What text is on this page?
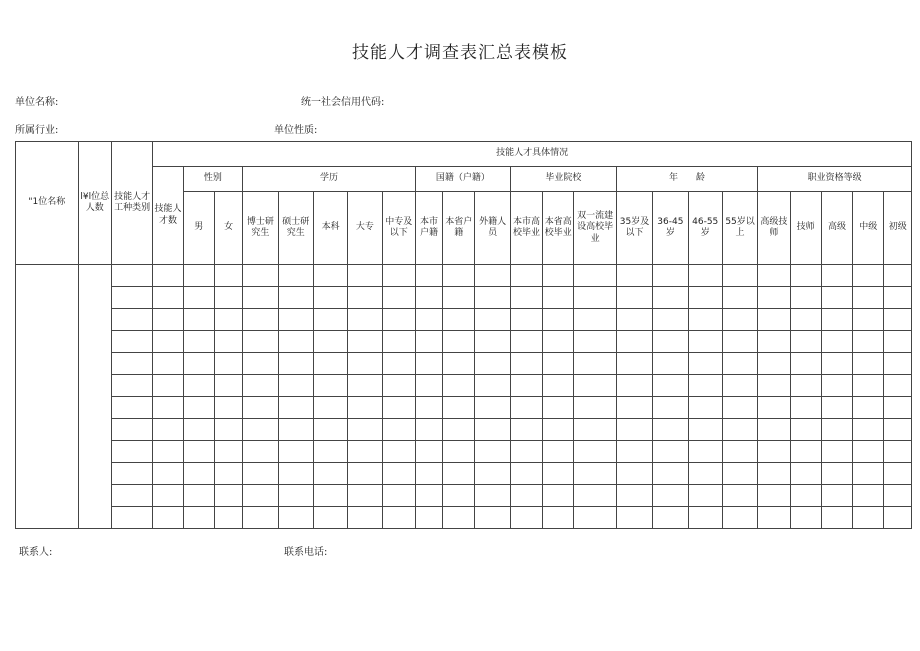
技能人才调查表汇总表模板
单位名称:	统一社会信用代码:
所属行业:	单位性质:
"1位名称	l¥l位总人数	技能人才工种类别	技能人才具体情况																						
			技能人才数	性别		学历					国籍（户籍）			毕业院校			年　　龄				职业资格等级				
				男	女	博士研究生	硕士研究生	本科	大专	中专及以下	本市户籍	本省户籍	外籍人员	本市高校毕业	本省高校毕业	双一流建设高校毕业	35岁及以下	36-45岁	46-55岁	55岁以上	高级技师	技师	高级	中级	初级

联系人:	联系电话:
